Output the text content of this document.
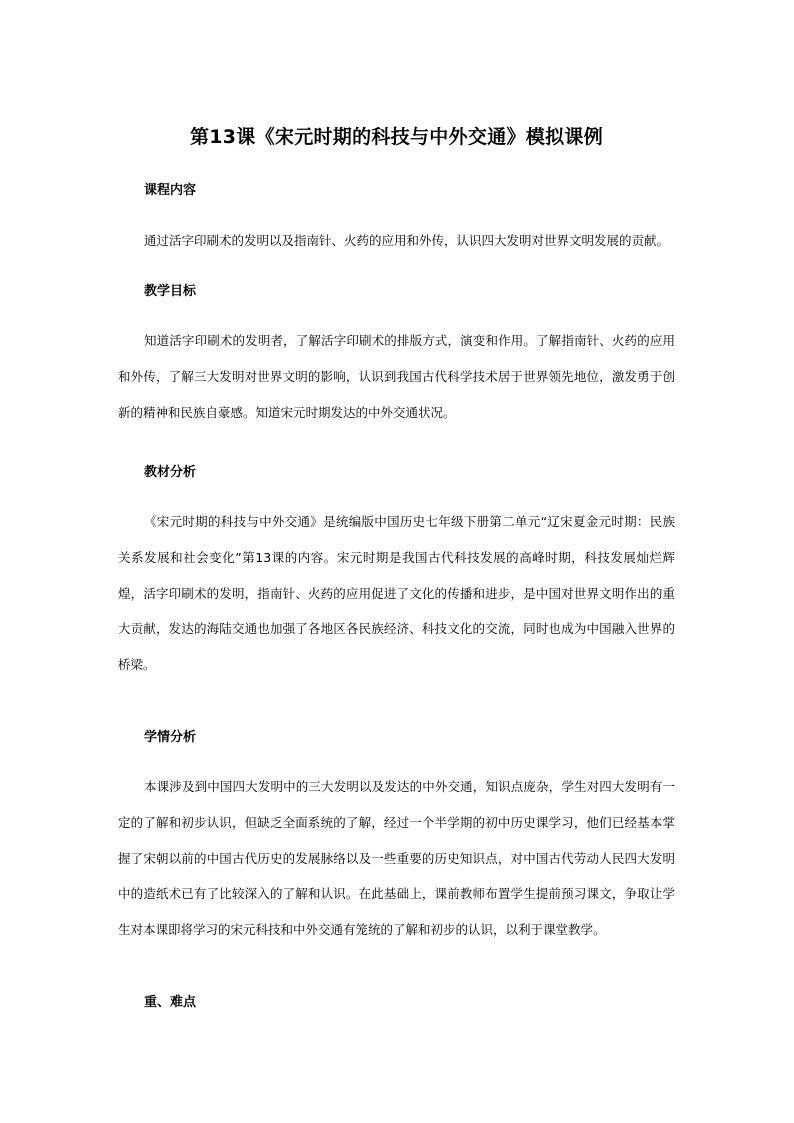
第13课《宋元时期的科技与中外交通》模拟课例
课程内容
通过活字印刷术的发明以及指南针、火药的应用和外传，认识四大发明对世界文明发展的贡献。
教学目标
知道活字印刷术的发明者，了解活字印刷术的排版方式，演变和作用。了解指南针、火药的应用和外传，了解三大发明对世界文明的影响，认识到我国古代科学技术居于世界领先地位，激发勇于创新的精神和民族自豪感。知道宋元时期发达的中外交通状况。
教材分析
《宋元时期的科技与中外交通》是统编版中国历史七年级下册第二单元“辽宋夏金元时期：民族关系发展和社会变化”第13课的内容。宋元时期是我国古代科技发展的高峰时期，科技发展灿烂辉煌，活字印刷术的发明，指南针、火药的应用促进了文化的传播和进步，是中国对世界文明作出的重大贡献，发达的海陆交通也加强了各地区各民族经济、科技文化的交流，同时也成为中国融入世界的桥梁。
学情分析
本课涉及到中国四大发明中的三大发明以及发达的中外交通，知识点庞杂，学生对四大发明有一定的了解和初步认识，但缺乏全面系统的了解，经过一个半学期的初中历史课学习，他们已经基本掌握了宋朝以前的中国古代历史的发展脉络以及一些重要的历史知识点，对中国古代劳动人民四大发明中的造纸术已有了比较深入的了解和认识。在此基础上，课前教师布置学生提前预习课文，争取让学生对本课即将学习的宋元科技和中外交通有笼统的了解和初步的认识，以利于课堂教学。
重、难点
